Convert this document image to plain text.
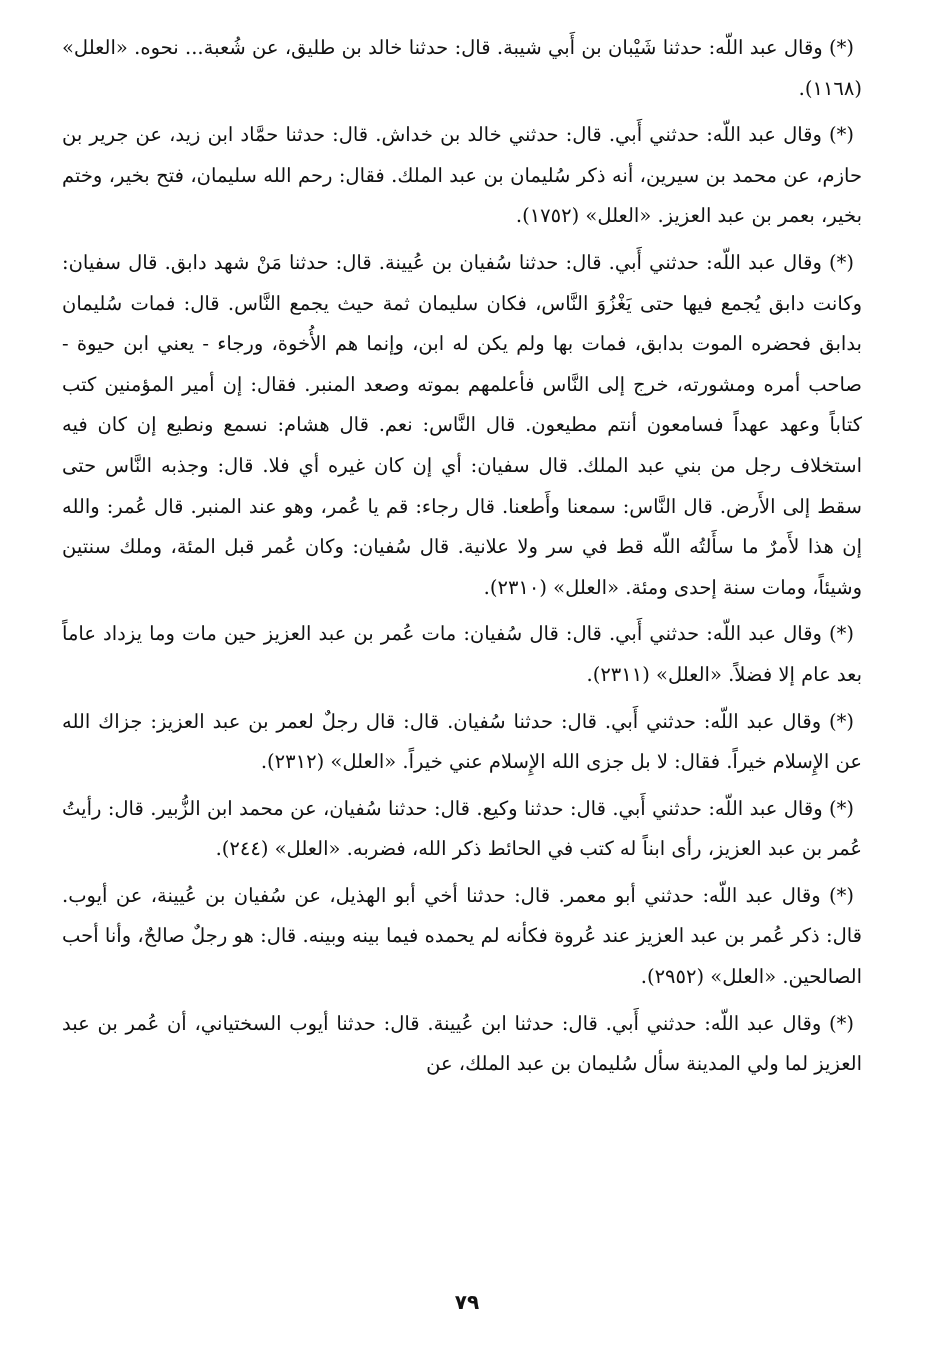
(*) وقال عبد اللّه: حدثنا شَيْبان بن أَبي شيبة. قال: حدثنا خالد بن طليق، عن شُعبة... نحوه. «العلل» (١١٦٨).

(*) وقال عبد اللّه: حدثني أَبي. قال: حدثني خالد بن خداش. قال: حدثنا حمَّاد ابن زيد، عن جرير بن حازم، عن محمد بن سيرين، أنه ذكر سُليمان بن عبد الملك. فقال: رحم الله سليمان، فتح بخير، وختم بخير، بعمر بن عبد العزيز. «العلل» (١٧٥٢).

(*) وقال عبد اللّه: حدثني أَبي. قال: حدثنا سُفيان بن عُيينة. قال: حدثنا مَنْ شهد دابق. قال سفيان: وكانت دابق يُجمع فيها حتى يَغْزُوَ النَّاس، فكان سليمان ثمة حيث يجمع النَّاس. قال: فمات سُليمان بدابق فحضره الموت بدابق، فمات بها ولم يكن له ابن، وإنما هم الأُخوة، ورجاء - يعني ابن حيوة - صاحب أمره ومشورته، خرج إلى النَّاس فأعلمهم بموته وصعد المنبر. فقال: إن أمير المؤمنين كتب كتاباً وعهد عهداً فسامعون أنتم مطيعون. قال النَّاس: نعم. قال هشام: نسمع ونطيع إن كان فيه استخلاف رجل من بني عبد الملك. قال سفيان: أي إن كان غيره أي فلا. قال: وجذبه النَّاس حتى سقط إلى الأَرض. قال النَّاس: سمعنا وأَطعنا. قال رجاء: قم يا عُمر، وهو عند المنبر. قال عُمر: والله إن هذا لأَمرٌ ما سأَلتُه اللّه قط في سر ولا علانية. قال سُفيان: وكان عُمر قبل المئة، وملك سنتين وشيئاً، ومات سنة إحدى ومئة. «العلل» (٢٣١٠).

(*) وقال عبد اللّه: حدثني أَبي. قال: قال سُفيان: مات عُمر بن عبد العزيز حين مات وما يزداد عاماً بعد عام إلا فضلاً. «العلل» (٢٣١١).

(*) وقال عبد اللّه: حدثني أَبي. قال: حدثنا سُفيان. قال: قال رجلٌ لعمر بن عبد العزيز: جزاك الله عن الإِسلام خيراً. فقال: لا بل جزى الله الإِسلام عني خيراً. «العلل» (٢٣١٢).

(*) وقال عبد اللّه: حدثني أَبي. قال: حدثنا وكيع. قال: حدثنا سُفيان، عن محمد ابن الزُّبير. قال: رأيتُ عُمر بن عبد العزيز، رأى ابناً له كتب في الحائط ذكر الله، فضربه. «العلل» (٢٤٤).

(*) وقال عبد اللّه: حدثني أبو معمر. قال: حدثنا أخي أبو الهذيل، عن سُفيان بن عُيينة، عن أيوب. قال: ذكر عُمر بن عبد العزيز عند عُروة فكأنه لم يحمده فيما بينه وبينه. قال: هو رجلٌ صالحٌ، وأنا أحب الصالحين. «العلل» (٢٩٥٢).

(*) وقال عبد اللّه: حدثني أَبي. قال: حدثنا ابن عُيينة. قال: حدثنا أيوب السختياني، أن عُمر بن عبد العزيز لما ولي المدينة سأل سُليمان بن عبد الملك، عن

٧٩
